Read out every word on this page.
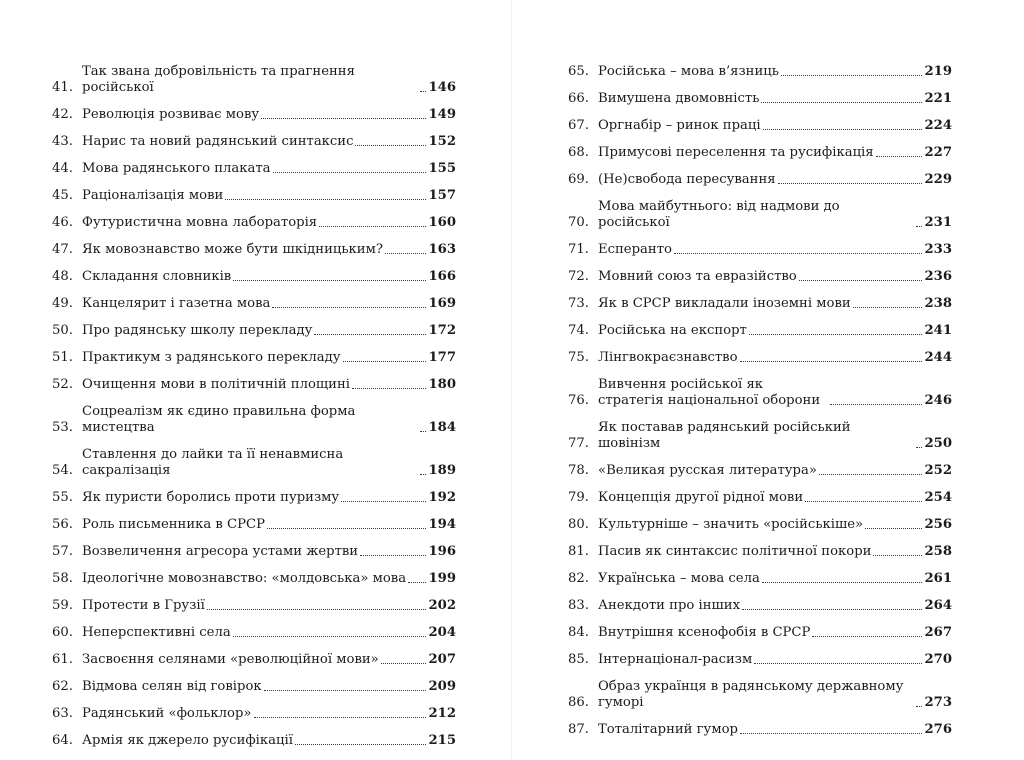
41.
Так звана добровільність та прагнення російської	146
42. Революція розвиває мову	149
43. Нарис та новий радянський синтаксис	152
44. Мова радянського плаката	155
45. Раціоналізація мови	157
46. Футуристична мовна лабораторія	160
47. Як мовознавство може бути шкідницьким?	163
48. Складання словників	166
49. Канцелярит і газетна мова	169
50. Про радянську школу перекладу	172
51. Практикум з радянського перекладу	177
52. Очищення мови в політичній площині	180
53.
Соцреалізм як єдино правильна форма мистецтва	184
54.
Ставлення до лайки та її ненавмисна сакралізація	189
55. Як пуристи боролись проти пуризму	192
56. Роль письменника в СРСР	194
57. Возвеличення агресора устами жертви	196
58. Ідеологічне мовознавство: «молдовська» мова 199
59. Протести в Грузії	202
60. Неперспективні села	204
61. Засвоєння селянами «революційної мови»	207
62. Відмова селян від говірок	209
63. Радянський «фольклор»	212
64. Армія як джерело русифікації	215
65. Російська – мова в’язниць	219
66. Вимушена двомовність	221
67. Оргнабір – ринок праці	224
68. Примусові переселення та русифікація	227
69. (Не)свобода пересування	229
70.
Мова майбутнього: від надмови до російської	231
71. Есперанто	233
72. Мовний союз та евразійство	236
73. Як в СРСР викладали іноземні мови	238
74. Російська на експорт	241
75. Лінгвокраєзнавство	244
76.
Вивчення російської як стратегія національної оборони	246
77.
Як поставав радянський російський шовінізм	250
78. «Великая русская литература»	252
79. Концепція другої рідної мови	254
80. Культурніше – значить «російськіше»	256
81. Пасив як синтаксис політичної покори	258
82. Українська – мова села	261
83. Анекдоти про інших	264
84. Внутрішня ксенофобія в СРСР	267
85. Інтернаціонал-расизм	270
86.
Образ українця в радянському державному гуморі	273
87. Тоталітарний гумор	276
